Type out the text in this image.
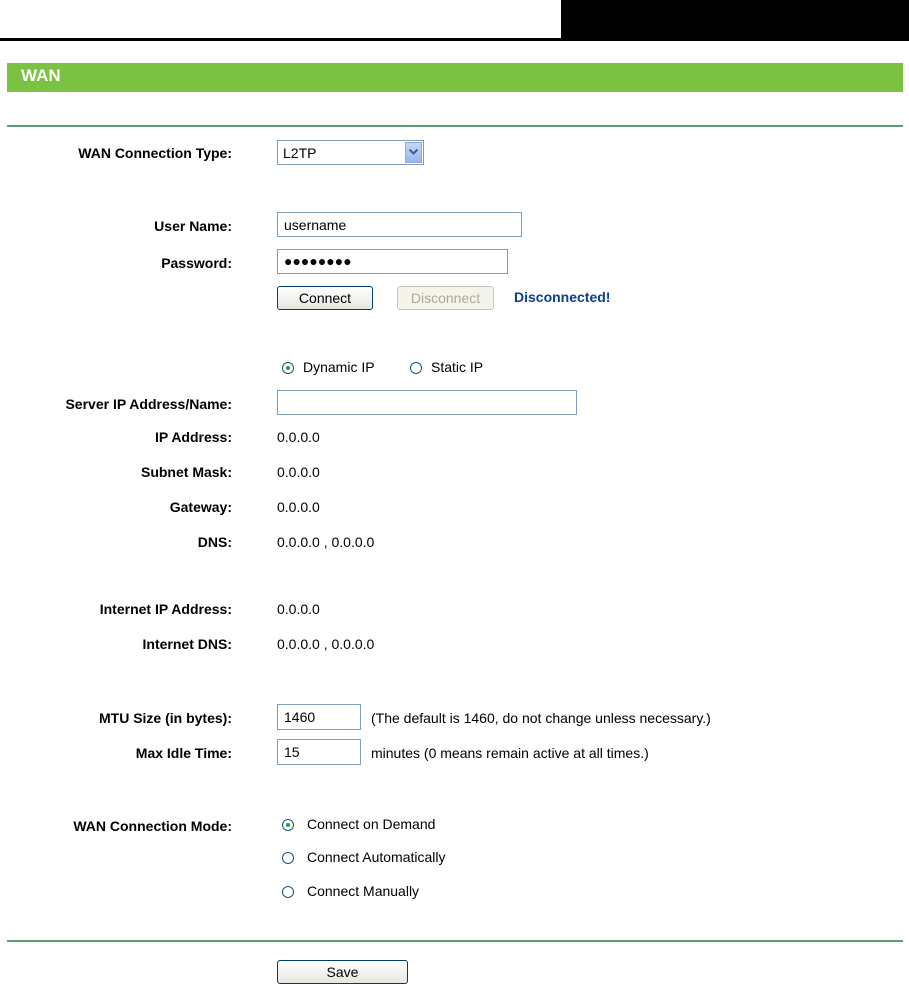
WAN
WAN Connection Type:	L2TP
User Name:
username
Password:	●●●●●●●●
Connect	Disconnect	Disconnected!
Dynamic IP	Static IP
Server IP Address/Name:
IP Address:	0.0.0.0
Subnet Mask:	0.0.0.0
Gateway:	0.0.0.0
DNS:	0.0.0.0 , 0.0.0.0
Internet IP Address:	0.0.0.0
Internet DNS:	0.0.0.0 , 0.0.0.0
MTU Size (in bytes):
1460	(The default is 1460, do not change unless necessary.)
Max Idle Time:
15	minutes (0 means remain active at all times.)
WAN Connection Mode:	Connect on Demand
Connect Automatically
Connect Manually
Save
